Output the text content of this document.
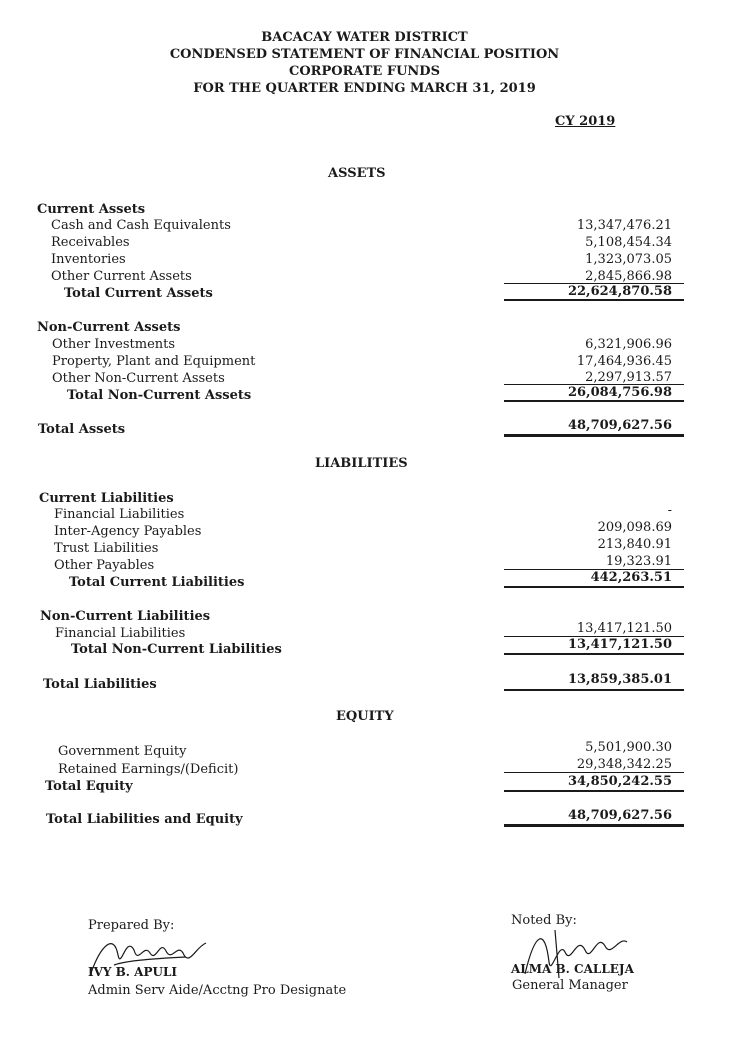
BACACAY WATER DISTRICT
CONDENSED STATEMENT OF FINANCIAL POSITION
CORPORATE FUNDS
FOR THE QUARTER ENDING MARCH 31, 2019
CY 2019
ASSETS
Current Assets
Cash and Cash Equivalents	13,347,476.21
Receivables	5,108,454.34
Inventories	1,323,073.05
Other Current Assets	2,845,866.98
Total Current Assets	22,624,870.58
Non-Current Assets
Other Investments	6,321,906.96
Property, Plant and Equipment	17,464,936.45
Other Non-Current Assets	2,297,913.57
Total Non-Current Assets	26,084,756.98
Total Assets	48,709,627.56
LIABILITIES
Current Liabilities
Financial Liabilities	-
Inter-Agency Payables	209,098.69
Trust Liabilities	213,840.91
Other Payables	19,323.91
Total Current Liabilities	442,263.51
Non-Current Liabilities
Financial Liabilities	13,417,121.50
Total Non-Current Liabilities	13,417,121.50
Total Liabilities	13,859,385.01
EQUITY
Government Equity	5,501,900.30
Retained Earnings/(Deficit)	29,348,342.25
Total Equity	34,850,242.55
Total Liabilities and Equity	48,709,627.56
Prepared By:
IVY B. APULI
Admin Serv Aide/Acctng Pro Designate
Noted By:
ALMA B. CALLEJA
General Manager
